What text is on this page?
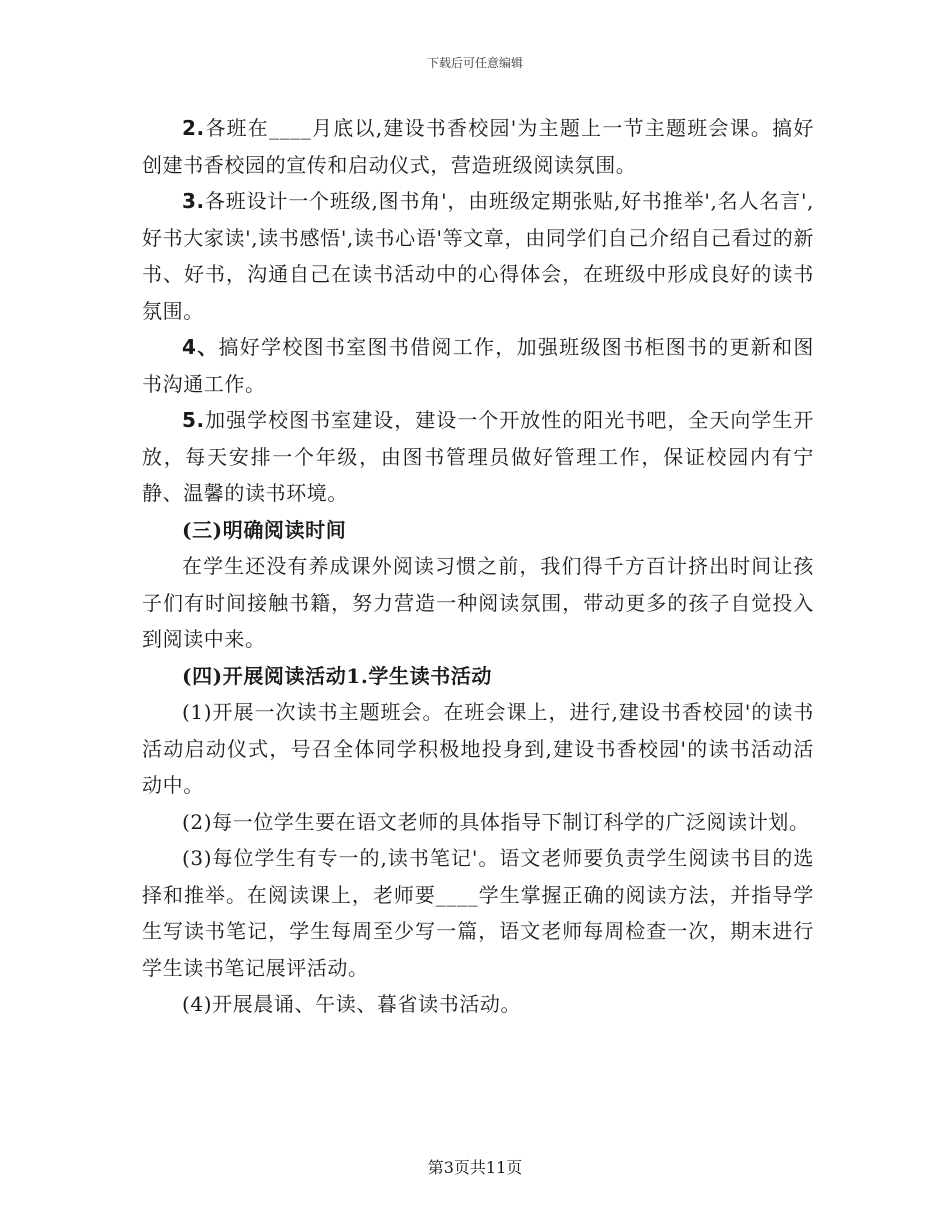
下载后可任意编辑

2.各班在____月底以,建设书香校园'为主题上一节主题班会课。搞好创建书香校园的宣传和启动仪式，营造班级阅读氛围。

3.各班设计一个班级,图书角'，由班级定期张贴,好书推举',名人名言',好书大家读',读书感悟',读书心语'等文章，由同学们自己介绍自己看过的新书、好书，沟通自己在读书活动中的心得体会，在班级中形成良好的读书氛围。

4、搞好学校图书室图书借阅工作，加强班级图书柜图书的更新和图书沟通工作。

5.加强学校图书室建设，建设一个开放性的阳光书吧，全天向学生开放，每天安排一个年级，由图书管理员做好管理工作，保证校园内有宁静、温馨的读书环境。

(三)明确阅读时间

在学生还没有养成课外阅读习惯之前，我们得千方百计挤出时间让孩子们有时间接触书籍，努力营造一种阅读氛围，带动更多的孩子自觉投入到阅读中来。

(四)开展阅读活动1.学生读书活动

(1)开展一次读书主题班会。在班会课上，进行,建设书香校园'的读书活动启动仪式，号召全体同学积极地投身到,建设书香校园'的读书活动活动中。

(2)每一位学生要在语文老师的具体指导下制订科学的广泛阅读计划。

(3)每位学生有专一的,读书笔记'。语文老师要负责学生阅读书目的选择和推举。在阅读课上，老师要____学生掌握正确的阅读方法，并指导学生写读书笔记，学生每周至少写一篇，语文老师每周检查一次，期末进行学生读书笔记展评活动。

(4)开展晨诵、午读、暮省读书活动。

第3页共11页
